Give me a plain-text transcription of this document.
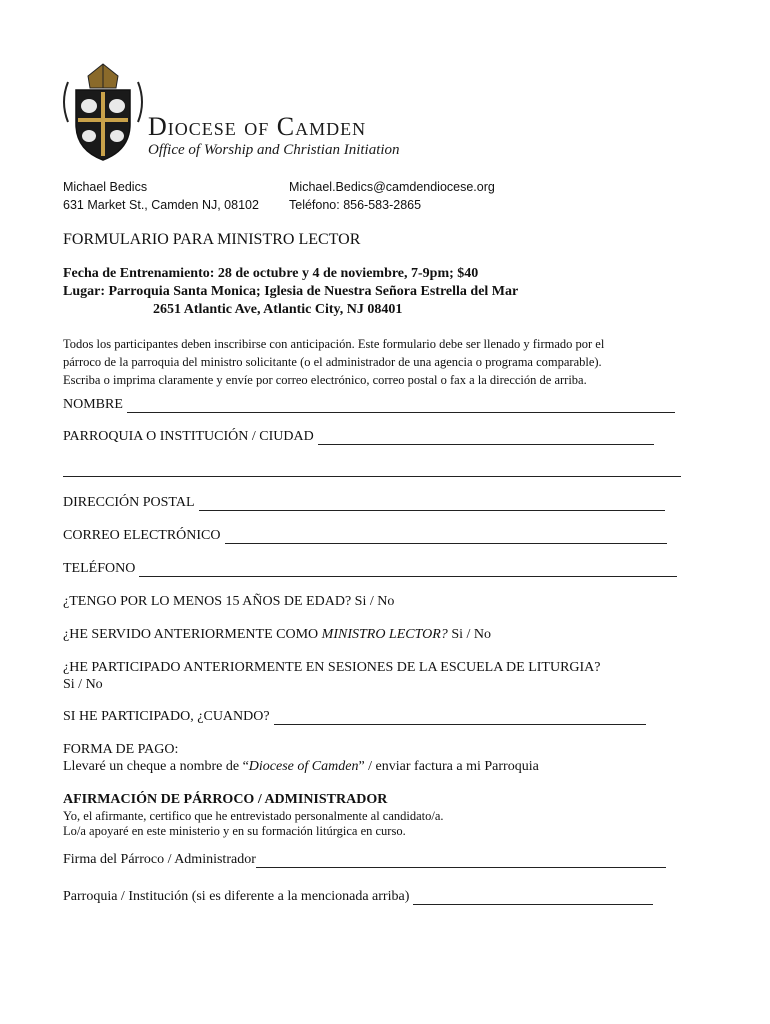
Diocese of Camden
Office of Worship and Christian Initiation
Michael Bedics
631 Market St., Camden NJ, 08102
Michael.Bedics@camdendiocese.org
Teléfono: 856-583-2865
FORMULARIO PARA MINISTRO LECTOR
Fecha de Entrenamiento: 28 de octubre y 4 de noviembre, 7-9pm; $40
Lugar: Parroquia Santa Monica; Iglesia de Nuestra Señora Estrella del Mar
2651 Atlantic Ave, Atlantic City, NJ 08401
Todos los participantes deben inscribirse con anticipación. Este formulario debe ser llenado y firmado por el
párroco de la parroquia del ministro solicitante (o el administrador de una agencia o programa comparable).
Escriba o imprima claramente y envíe por correo electrónico, correo postal o fax a la dirección de arriba.
NOMBRE
PARROQUIA O INSTITUCIÓN / CIUDAD
DIRECCIÓN POSTAL
CORREO ELECTRÓNICO
TELÉFONO
¿TENGO POR LO MENOS 15 AÑOS DE EDAD? Si / No
¿HE SERVIDO ANTERIORMENTE COMO MINISTRO LECTOR? Si / No
¿HE PARTICIPADO ANTERIORMENTE EN SESIONES DE LA ESCUELA DE LITURGIA?
Si / No
SI HE PARTICIPADO, ¿CUANDO?
FORMA DE PAGO:
Llevaré un cheque a nombre de “Diocese of Camden” / enviar factura a mi Parroquia
AFIRMACIÓN DE PÁRROCO / ADMINISTRADOR
Yo, el afirmante, certifico que he entrevistado personalmente al candidato/a.
Lo/a apoyaré en este ministerio y en su formación litúrgica en curso.
Firma del Párroco / Administrador
Parroquia / Institución (si es diferente a la mencionada arriba)
